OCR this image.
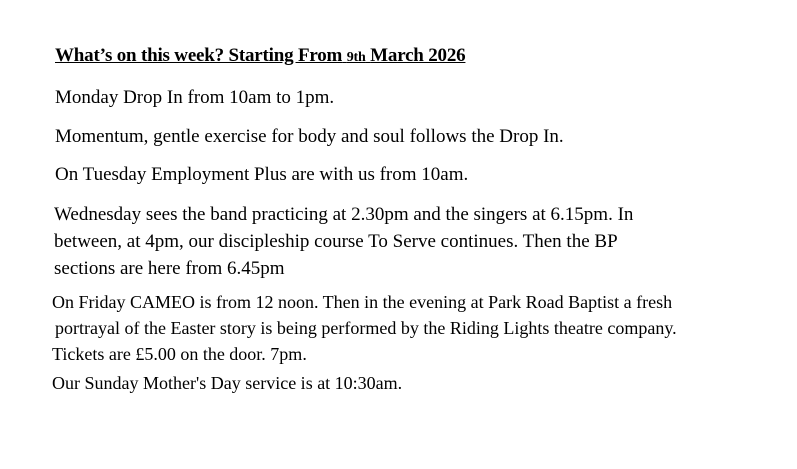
What’s on this week? Starting From 9th March 2026
Monday Drop In from 10am to 1pm.
Momentum, gentle exercise for body and soul follows the Drop In.
On Tuesday Employment Plus are with us from 10am.
Wednesday sees the band practicing at 2.30pm and the singers at 6.15pm. In
between, at 4pm, our discipleship course To Serve continues. Then the BP
sections are here from 6.45pm
On Friday CAMEO is from 12 noon. Then in the evening at Park Road Baptist a fresh
portrayal of the Easter story is being performed by the Riding Lights theatre company.
Tickets are £5.00 on the door. 7pm.
Our Sunday Mother's Day service is at 10:30am.
